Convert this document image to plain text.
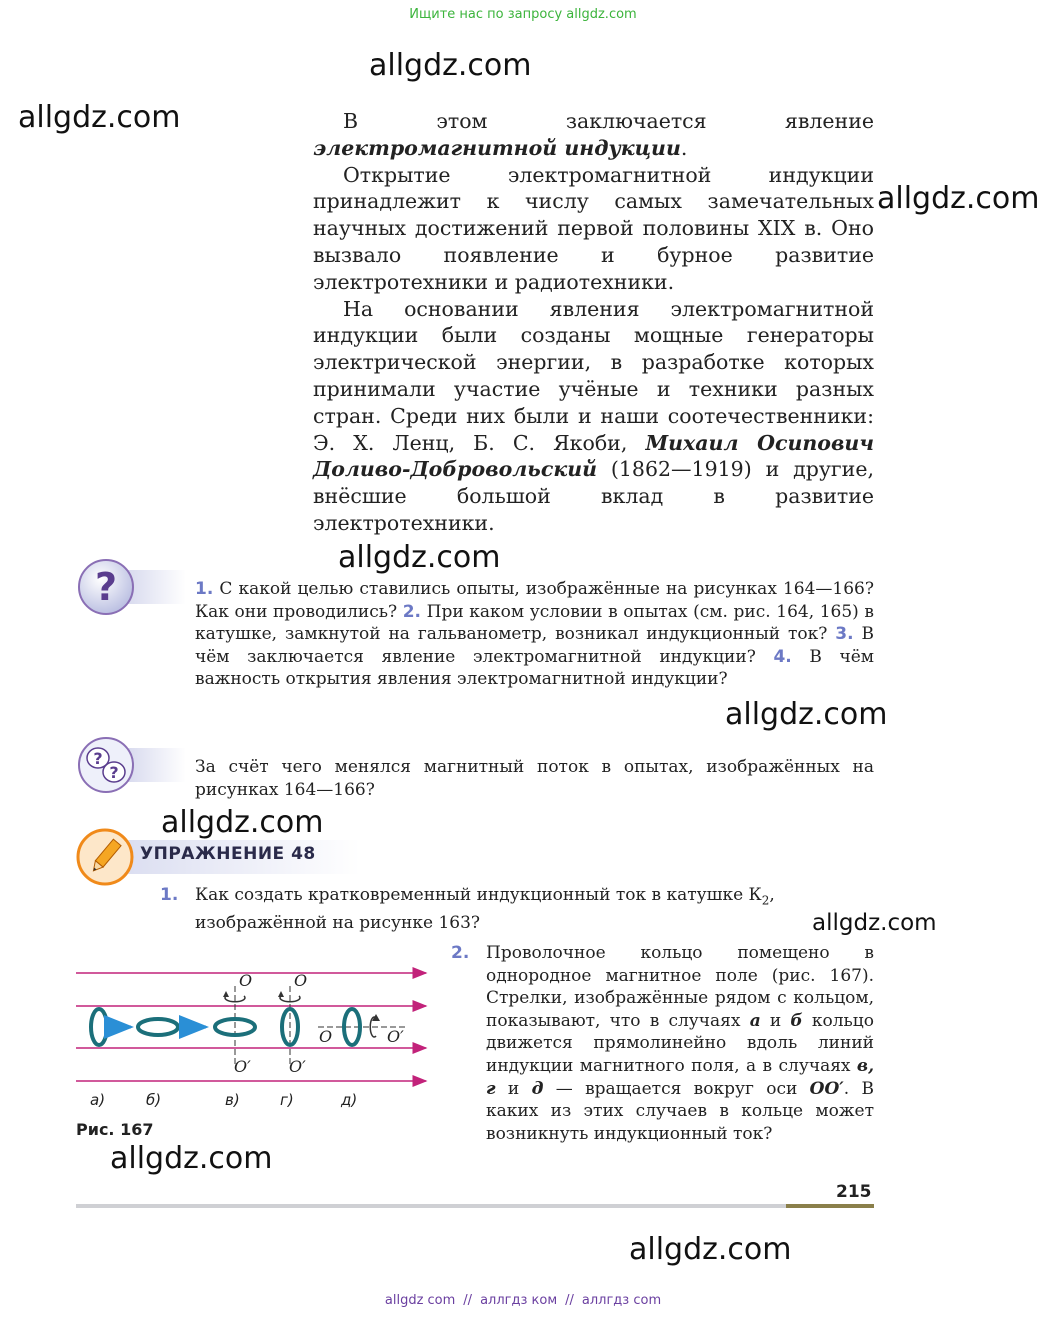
Ищите нас по запросу allgdz.com
allgdz.com
allgdz.com
allgdz.com
allgdz.com
allgdz.com
allgdz.com
allgdz.com
allgdz.com
allgdz.com

В этом заключается явление электромагнитной индукции.

Открытие электромагнитной индукции принадлежит к числу самых замечательных научных достижений первой половины XIX в. Оно вызвало появление и бурное развитие электротехники и радиотехники.

На основании явления электромагнитной индукции были созданы мощные генераторы электрической энергии, в разработке которых принимали участие учёные и техники разных стран. Среди них были и наши соотечественники: Э. Х. Ленц, Б. С. Якоби, Михаил Осипович Доливо-Добровольский (1862—1919) и другие, внёсшие большой вклад в развитие электротехники.

?	1. С какой целью ставились опыты, изображённые на рисунках 164—166? Как они проводились? 2. При каком условии в опытах (см. рис. 164, 165) в катушке, замкнутой на гальванометр, возникал индукционный ток? 3. В чём заключается явление электромагнитной индукции? 4. В чём важность открытия явления электромагнитной индукции?
?
?	За счёт чего менялся магнитный поток в опытах, изображённых на рисунках 164—166?
УПРАЖНЕНИЕ 48
1. Как создать кратковременный индукционный ток в катушке $К_2$, изображённой на рисунке 163?
2. Проволочное кольцо помещено в однородное магнитное поле (рис. 167). Стрелки, изображённые рядом с кольцом, показывают, что в случаях а и б кольцо движется прямолинейно вдоль линий индукции магнитного поля, а в случаях в, г и д — вращается вокруг оси OO′. В каких из этих случаев в кольце может возникнуть индукционный ток?
O
O′
O
O′
O	O′
а)	б)	в)	г)	д)
Рис. 167
215
allgdz com // аллгдз ком // аллгдз com
